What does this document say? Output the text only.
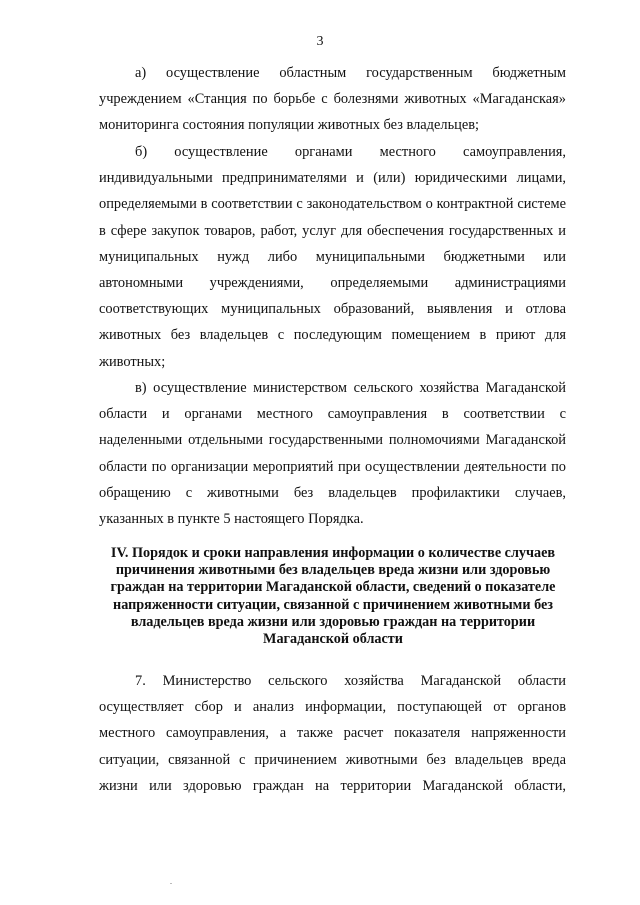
3

а) осуществление областным государственным бюджетным учреждением «Станция по борьбе с болезнями животных «Магаданская» мониторинга состояния популяции животных без владельцев;

б) осуществление органами местного самоуправления, индивидуальными предпринимателями и (или) юридическими лицами, определяемыми в соответствии с законодательством о контрактной системе в сфере закупок товаров, работ, услуг для обеспечения государственных и муниципальных нужд либо муниципальными бюджетными или автономными учреждениями, определяемыми администрациями соответствующих муниципальных образований, выявления и отлова животных без владельцев с последующим помещением в приют для животных;

в) осуществление министерством сельского хозяйства Магаданской области и органами местного самоуправления в соответствии с наделенными отдельными государственными полномочиями Магаданской области по организации мероприятий при осуществлении деятельности по обращению с животными без владельцев профилактики случаев, указанных в пункте 5 настоящего Порядка.

IV. Порядок и сроки направления информации о количестве случаев причинения животными без владельцев вреда жизни или здоровью граждан на территории Магаданской области, сведений о показателе напряженности ситуации, связанной с причинением животными без владельцев вреда жизни или здоровью граждан на территории Магаданской области

7. Министерство сельского хозяйства Магаданской области осуществляет сбор и анализ информации, поступающей от органов местного самоуправления, а также расчет показателя напряженности ситуации, связанной с причинением животными без владельцев вреда жизни или здоровью граждан на территории Магаданской области,
